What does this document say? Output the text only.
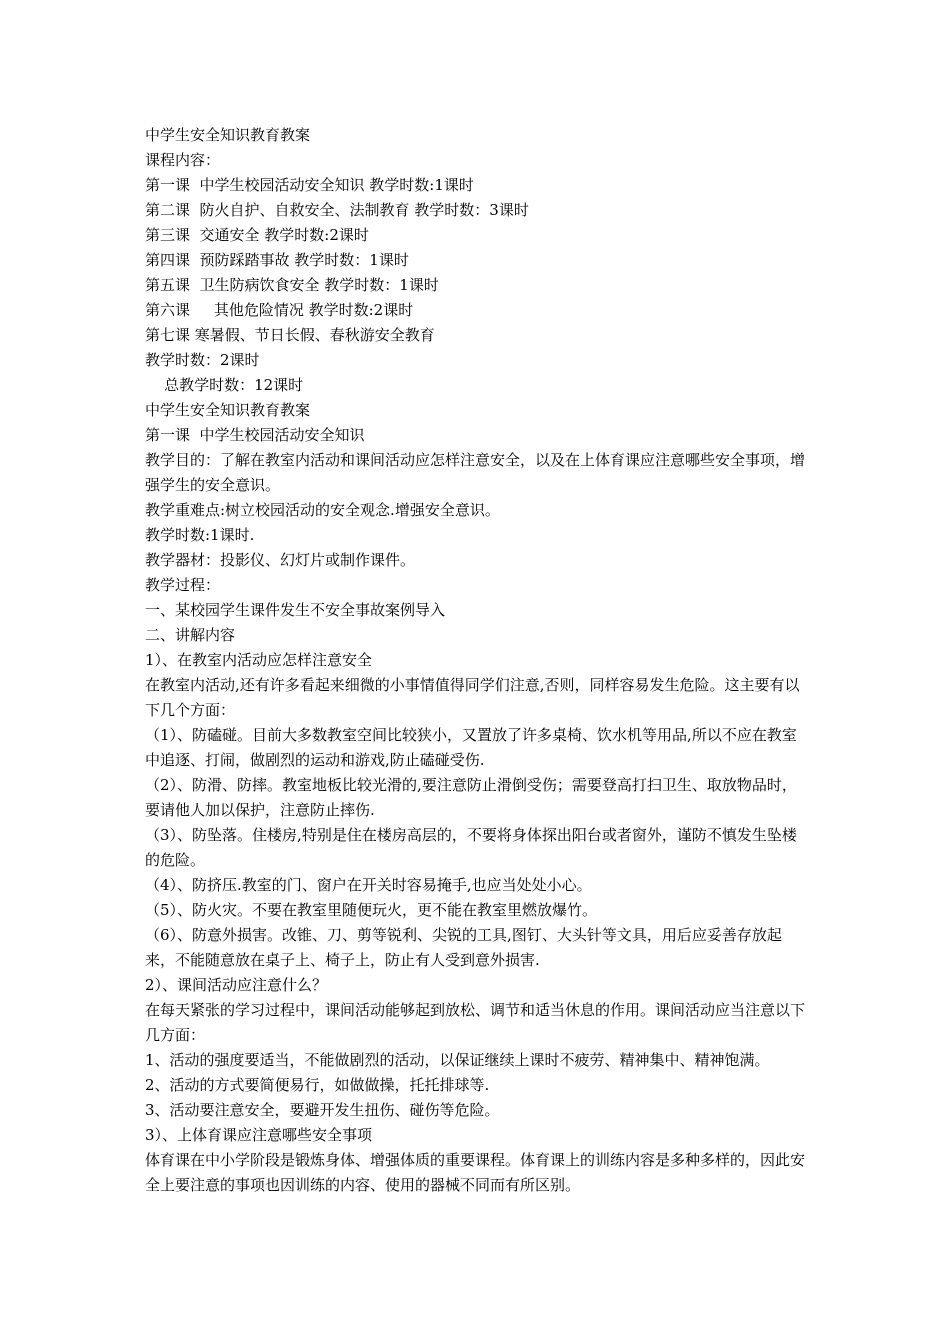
中学生安全知识教育教案

课程内容：

第一课  中学生校园活动安全知识 教学时数:1课时

第二课  防火自护、自救安全、法制教育 教学时数：3课时

第三课  交通安全 教学时数:2课时

第四课  预防踩踏事故 教学时数：1课时

第五课  卫生防病饮食安全 教学时数：1课时

第六课     其他危险情况 教学时数:2课时

第七课 寒暑假、节日长假、春秋游安全教育

教学时数：2课时

总教学时数：12课时

中学生安全知识教育教案

第一课  中学生校园活动安全知识

教学目的：了解在教室内活动和课间活动应怎样注意安全，以及在上体育课应注意哪些安全事项，增强学生的安全意识。

教学重难点:树立校园活动的安全观念.增强安全意识。

教学时数:1课时.

教学器材：投影仪、幻灯片或制作课件。

教学过程：

一、某校园学生课件发生不安全事故案例导入

二、讲解内容

1）、在教室内活动应怎样注意安全

在教室内活动,还有许多看起来细微的小事情值得同学们注意,否则，同样容易发生危险。这主要有以下几个方面：

（1）、防磕碰。目前大多数教室空间比较狭小，又置放了许多桌椅、饮水机等用品,所以不应在教室中追逐、打闹，做剧烈的运动和游戏,防止磕碰受伤.

（2）、防滑、防摔。教室地板比较光滑的,要注意防止滑倒受伤；需要登高打扫卫生、取放物品时，要请他人加以保护，注意防止摔伤.

（3）、防坠落。住楼房,特别是住在楼房高层的，不要将身体探出阳台或者窗外，谨防不慎发生坠楼的危险。

（4）、防挤压.教室的门、窗户在开关时容易掩手,也应当处处小心。

（5）、防火灾。不要在教室里随便玩火，更不能在教室里燃放爆竹。

（6）、防意外损害。改锥、刀、剪等锐利、尖锐的工具,图钉、大头针等文具，用后应妥善存放起来，不能随意放在桌子上、椅子上，防止有人受到意外损害.

2）、课间活动应注意什么？

在每天紧张的学习过程中，课间活动能够起到放松、调节和适当休息的作用。课间活动应当注意以下几方面：

1、活动的强度要适当，不能做剧烈的活动，以保证继续上课时不疲劳、精神集中、精神饱满。

2、活动的方式要简便易行，如做做操，托托排球等.

3、活动要注意安全，要避开发生扭伤、碰伤等危险。

3）、上体育课应注意哪些安全事项

体育课在中小学阶段是锻炼身体、增强体质的重要课程。体育课上的训练内容是多种多样的，因此安全上要注意的事项也因训练的内容、使用的器械不同而有所区别。
